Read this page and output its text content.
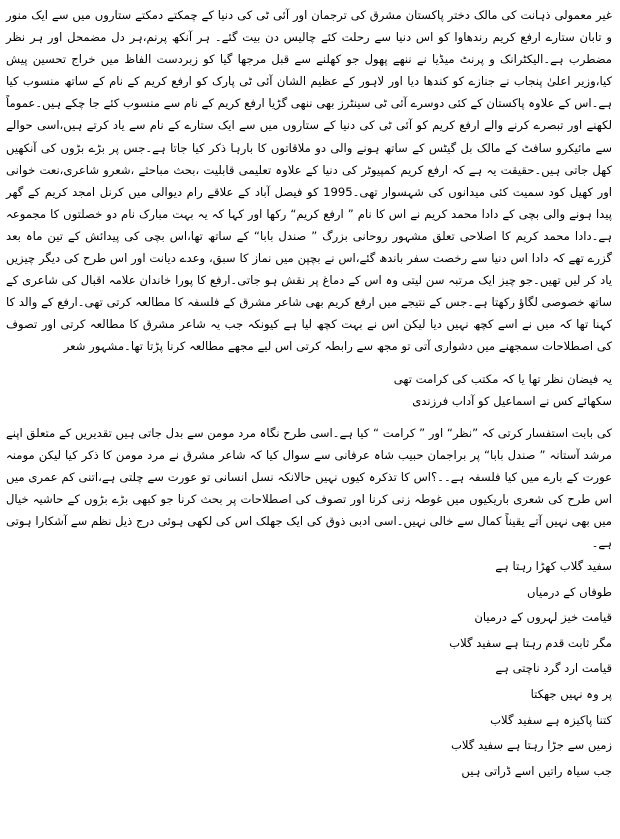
غیر معمولی ذہانت کی مالک دختر پاکستان مشرق کی ترجمان اور آئی ٹی کی دنیا کے چمکتے دمکتے ستاروں میں سے ایک منور و تابان ستارے ارفع کریم رندھاوا کو اس دنیا سے رحلت کئے چالیس دن بیت گئے۔ ہر آنکھ پرنم،ہر دل مضمحل اور ہر نظر مضطرب ہے۔الیکٹرانک و پرنٹ میڈیا نے ننھے پھول جو کھلنے سے قبل مرجھا گیا کو زبردست الفاظ میں خراج تحسین پیش کیا،وزیر اعلیٰ پنجاب نے جنازے کو کندھا دیا اور لاہور کے عظیم الشان آئی ٹی پارک کو ارفع کریم کے نام کے ساتھ منسوب کیا ہے۔اس کے علاوہ پاکستان کے کئی دوسرے آئی ٹی سینٹرز بھی ننھی گڑیا ارفع کریم کے نام سے منسوب کئے جا چکے ہیں۔عموماً لکھنے اور تبصرے کرنے والے ارفع کریم کو آئی ٹی کی دنیا کے ستاروں میں سے ایک ستارے کے نام سے یاد کرتے ہیں،اسی حوالے سے مائیکرو سافٹ کے مالک بل گیٹس کے ساتھ ہونے والی دو ملاقاتوں کا بارہا ذکر کیا جاتا ہے۔جس پر بڑے بڑوں کی آنکھیں کھل جاتی ہیں۔حقیقت یہ ہے کہ ارفع کریم کمپیوٹر کی دنیا کے علاوہ تعلیمی قابلیت ،بحث مباحثے ،شعرو شاعری،نعت خوانی اور کھیل کود سمیت کئی میدانوں کی شہسوار تھی۔1995 کو فیصل آباد کے علاقے رام دیوالی میں کرنل امجد کریم کے گھر پیدا ہونے والی بچی کے دادا محمد کریم نے اس کا نام ” ارفع کریم“ رکھا اور کہا کہ یہ بہت مبارک نام دو خصلتوں کا مجموعہ ہے۔دادا محمد کریم کا اصلاحی تعلق مشہور روحانی بزرگ ” صندل بابا“ کے ساتھ تھا،اس بچی کی پیدائش کے تین ماہ بعد گزرے تھے کہ دادا اس دنیا سے رخصت سفر باندھ گئے،اس نے بچپن میں نماز کا سبق، وعدے دیانت اور اس طرح کی دیگر چیزیں یاد کر لیں تھیں۔جو چیز ایک مرتبہ سن لیتی وہ اس کے دماغ پر نقش ہو جاتی۔ارفع کا پورا خاندان علامہ اقبال کی شاعری کے ساتھ خصوصی لگاؤ رکھتا ہے۔جس کے نتیجے میں ارفع کریم بھی شاعر مشرق کے فلسفہ کا مطالعہ کرتی تھی۔ارفع کے والد کا کہنا تھا کہ میں نے اسے کچھ نہیں دیا لیکن اس نے بہت کچھ لیا ہے کیونکہ جب یہ شاعر مشرق کا مطالعہ کرتی اور تصوف کی اصطلاحات سمجھنے میں دشواری آتی تو مجھ سے رابطہ کرتی اس لیے مجھے مطالعہ کرنا پڑتا تھا۔مشہور شعر

یہ فیضان نظر تھا یا کہ مکتب کی کرامت تھی

سکھائے کس نے اسماعیل کو آداب فرزندی

کی بابت استفسار کرتی کہ ”نظر“ اور ” کرامت “ کیا ہے۔اسی طرح نگاہ مرد مومن سے بدل جاتی ہیں تقدیریں کے متعلق اپنے مرشد آستانہ ” صندل بابا“ پر براجمان حبیب شاہ عرفانی سے سوال کیا کہ شاعر مشرق نے مرد مومن کا ذکر کیا لیکن مومنہ عورت کے بارے میں کیا فلسفہ ہے۔۔؟اس کا تذکرہ کیوں نہیں حالانکہ نسل انسانی تو عورت سے چلتی ہے،اتنی کم عمری میں اس طرح کی شعری باریکیوں میں غوطہ زنی کرنا اور تصوف کی اصطلاحات پر بحث کرنا جو کبھی بڑے بڑوں کے حاشیہ خیال میں بھی نہیں آتے یقیناً کمال سے خالی نہیں۔اسی ادبی ذوق کی ایک جھلک اس کی لکھی ہوئی درج ذیل نظم سے آشکارا ہوتی ہے۔

سفید گلاب کھڑا رہتا ہے

طوفاں کے درمیاں

قیامت خیز لہروں کے درمیان

مگر ثابت قدم رہتا ہے سفید گلاب

قیامت ارد گرد ناچتی ہے

پر وہ نہیں جھکتا

کتنا پاکیزہ ہے سفید گلاب

زمیں سے جڑا رہتا ہے سفید گلاب

جب سیاہ راتیں اسے ڈراتی ہیں
